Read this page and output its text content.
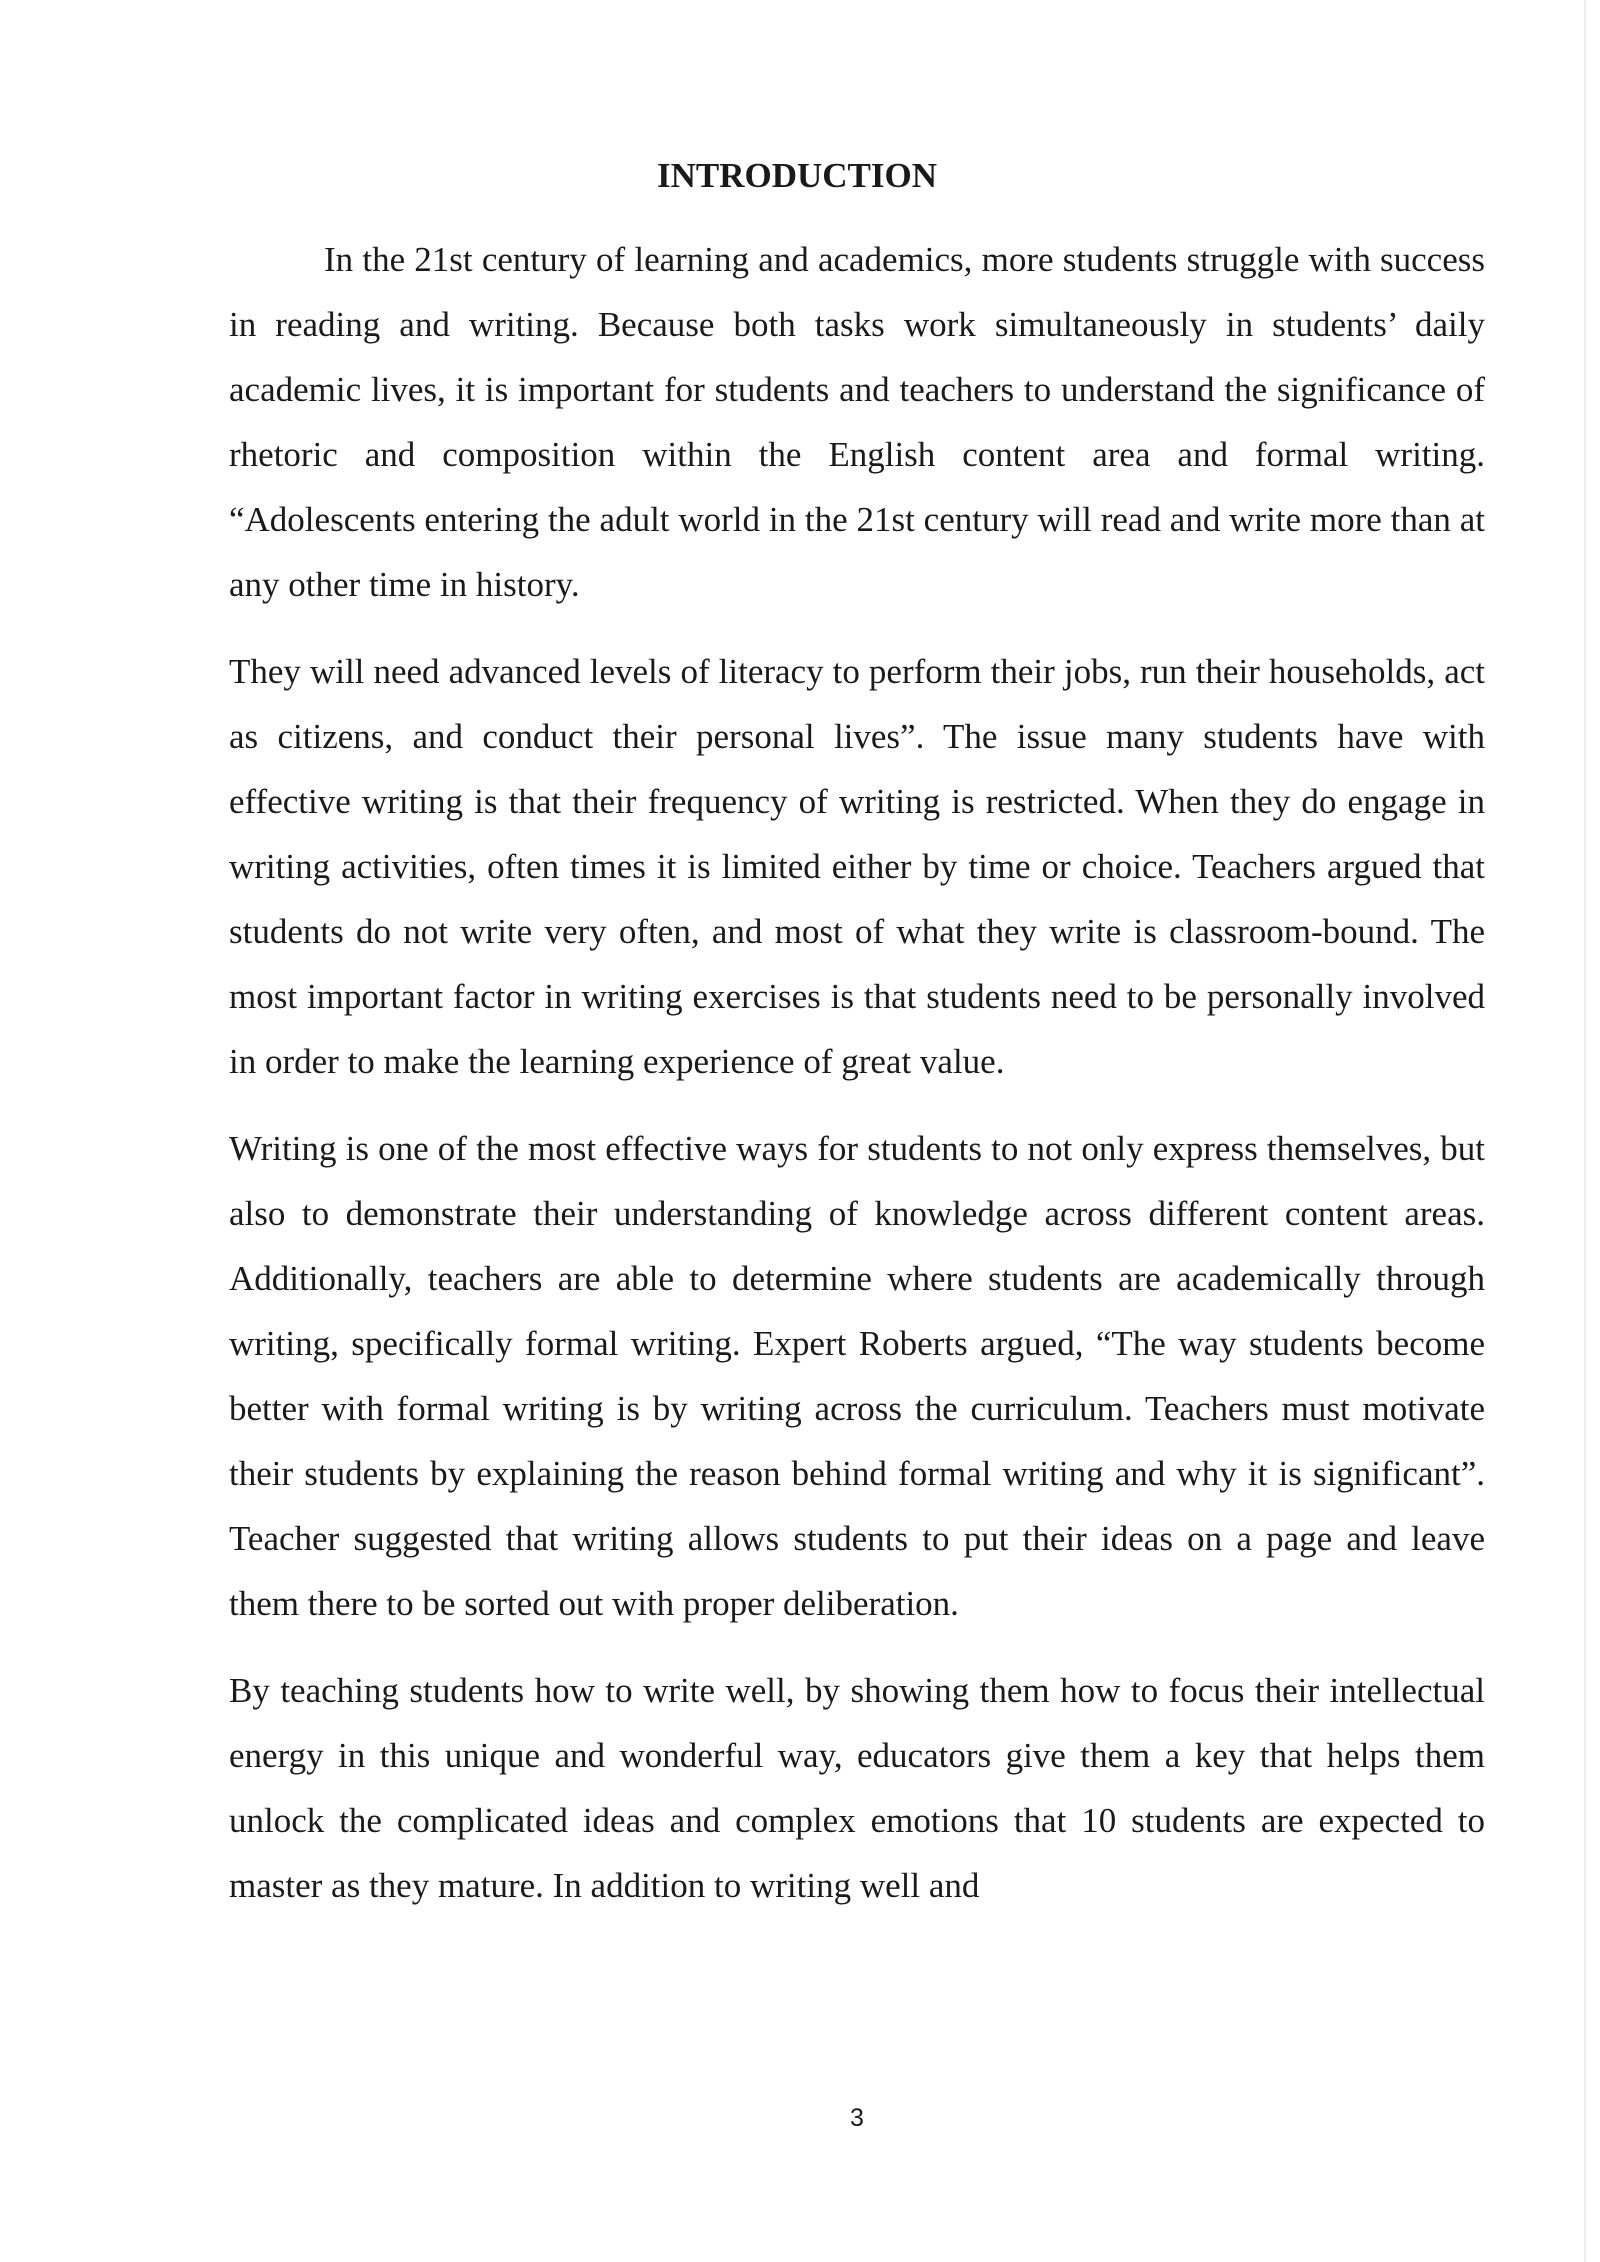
INTRODUCTION

In the 21st century of learning and academics, more students struggle with success in reading and writing. Because both tasks work simultaneously in students’ daily academic lives, it is important for students and teachers to understand the significance of rhetoric and composition within the English content area and formal writing. “Adolescents entering the adult world in the 21st century will read and write more than at any other time in history.

They will need advanced levels of literacy to perform their jobs, run their households, act as citizens, and conduct their personal lives”. The issue many students have with effective writing is that their frequency of writing is restricted. When they do engage in writing activities, often times it is limited either by time or choice. Teachers argued that students do not write very often, and most of what they write is classroom-bound. The most important factor in writing exercises is that students need to be personally involved in order to make the learning experience of great value.

Writing is one of the most effective ways for students to not only express themselves, but also to demonstrate their understanding of knowledge across different content areas. Additionally, teachers are able to determine where students are academically through writing, specifically formal writing. Expert Roberts argued, “The way students become better with formal writing is by writing across the curriculum. Teachers must motivate their students by explaining the reason behind formal writing and why it is significant”. Teacher suggested that writing allows students to put their ideas on a page and leave them there to be sorted out with proper deliberation.

By teaching students how to write well, by showing them how to focus their intellectual energy in this unique and wonderful way, educators give them a key that helps them unlock the complicated ideas and complex emotions that 10 students are expected to master as they mature. In addition to writing well and

3
